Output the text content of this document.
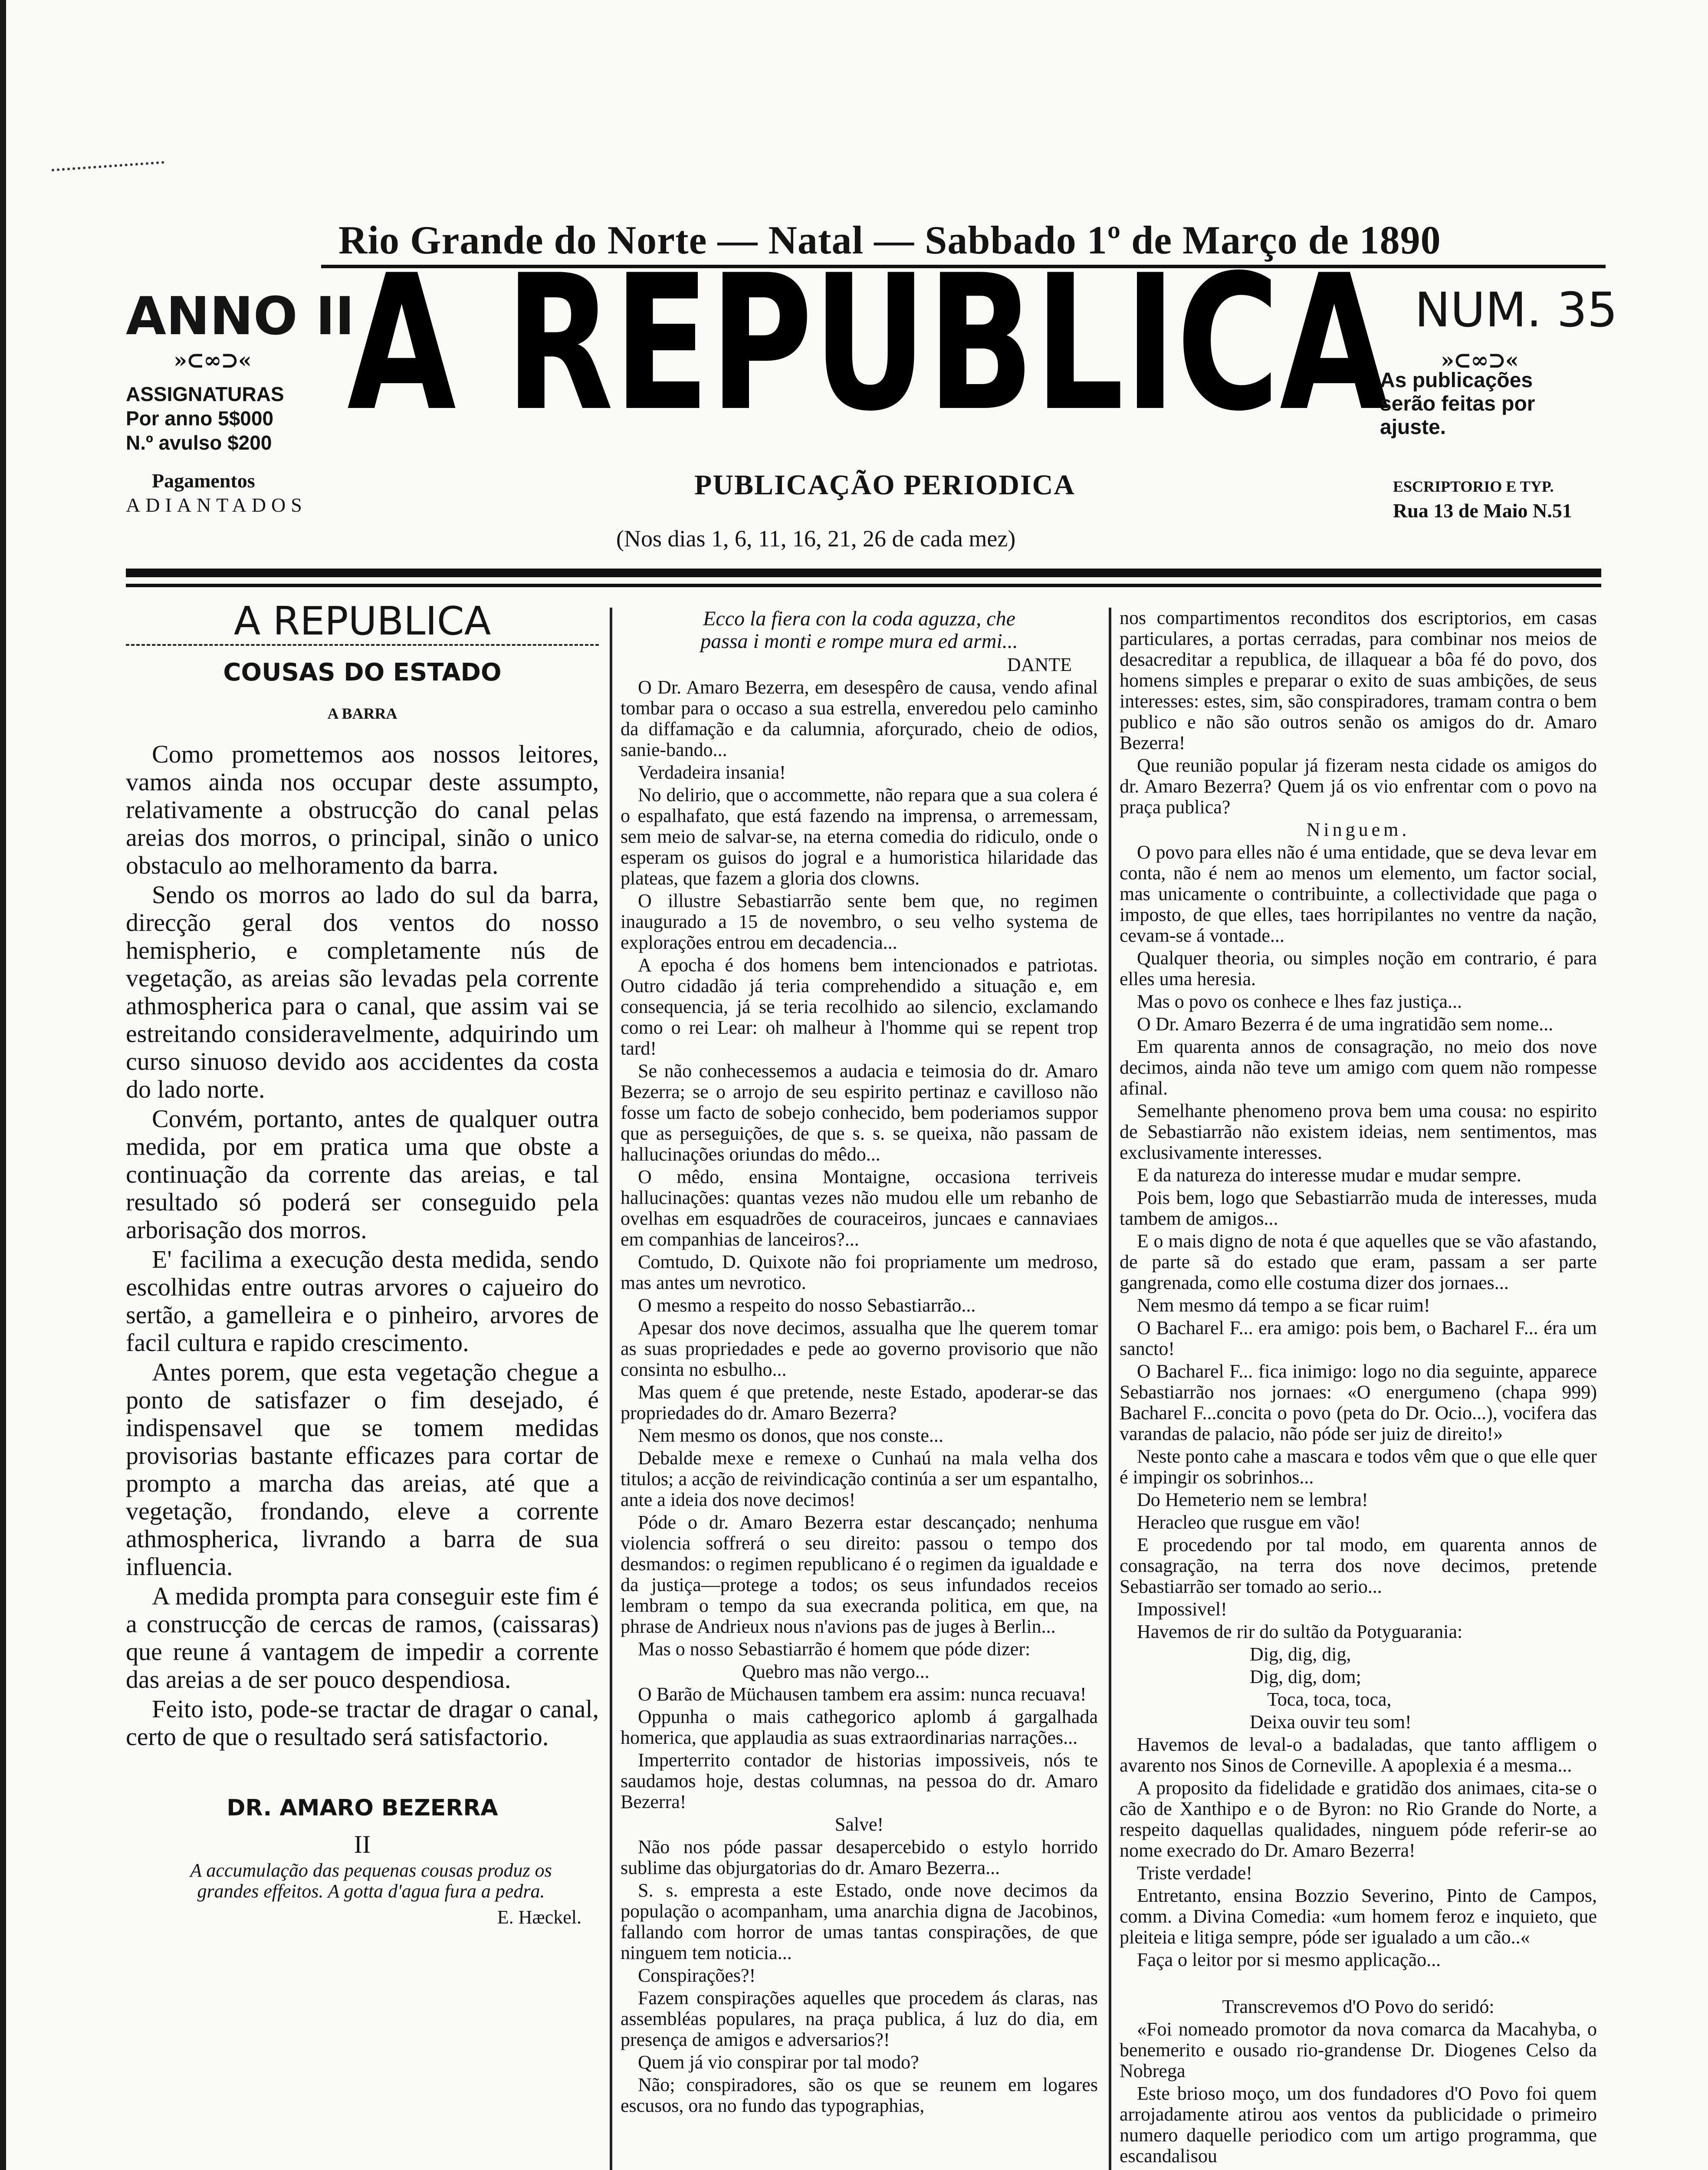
Rio Grande do Norte — Natal — Sabbado 1º de Março de 1890
ANNO II
»⊂∞⊃«
ASSIGNATURAS
Por anno 5$000
N.º avulso $200
Pagamentos
ADIANTADOS
A REPUBLICA NUM. 35
»⊂∞⊃«
As publicações serão feitas por ajuste.
ESCRIPTORIO E TYP.
Rua 13 de Maio N.51
PUBLICAÇÃO PERIODICA
(Nos dias 1, 6, 11, 16, 21, 26 de cada mez)

A REPUBLICA

COUSAS DO ESTADO

A BARRA

Como promettemos aos nossos leitores, vamos ainda nos occupar deste assumpto, relativamente a obstrucção do canal pelas areias dos morros, o principal, sinão o unico obstaculo ao melhoramento da barra.

Sendo os morros ao lado do sul da barra, direcção geral dos ventos do nosso hemispherio, e completamente nús de vegetação, as areias são levadas pela corrente athmospherica para o canal, que assim vai se estreitando consideravelmente, adquirindo um curso sinuoso devido aos accidentes da costa do lado norte.

Convém, portanto, antes de qualquer outra medida, por em pratica uma que obste a continuação da corrente das areias, e tal resultado só poderá ser conseguido pela arborisação dos morros.

E' facilima a execução desta medida, sendo escolhidas entre outras arvores o cajueiro do sertão, a gamelleira e o pinheiro, arvores de facil cultura e rapido crescimento.

Antes porem, que esta vegetação chegue a ponto de satisfazer o fim desejado, é indispensavel que se tomem medidas provisorias bastante efficazes para cortar de prompto a marcha das areias, até que a vegetação, frondando, eleve a corrente athmospherica, livrando a barra de sua influencia.

A medida prompta para conseguir este fim é a construcção de cercas de ramos, (caissaras) que reune á vantagem de impedir a corrente das areias a de ser pouco despendiosa.

Feito isto, pode-se tractar de dragar o canal, certo de que o resultado será satisfactorio.

DR. AMARO BEZERRA

II

A accumulação das pequenas cousas produz os grandes effeitos. A gotta d'agua fura a pedra.

E. Hæckel.

Ecco la fiera con la coda aguzza, che passa i monti e rompe mura ed armi...

DANTE

O Dr. Amaro Bezerra, em desespêro de causa, vendo afinal tombar para o occaso a sua estrella, enveredou pelo caminho da diffamação e da calumnia, aforçurado, cheio de odios, sanie-bando...

Verdadeira insania!

No delirio, que o accommette, não repara que a sua colera é o espalhafato, que está fazendo na imprensa, o arremessam, sem meio de salvar-se, na eterna comedia do ridiculo, onde o esperam os guisos do jogral e a humoristica hilaridade das plateas, que fazem a gloria dos clowns.

O illustre Sebastiarrão sente bem que, no regimen inaugurado a 15 de novembro, o seu velho systema de explorações entrou em decadencia...

A epocha é dos homens bem intencionados e patriotas. Outro cidadão já teria comprehendido a situação e, em consequencia, já se teria recolhido ao silencio, exclamando como o rei Lear: oh malheur à l'homme qui se repent trop tard!

Se não conhecessemos a audacia e teimosia do dr. Amaro Bezerra; se o arrojo de seu espirito pertinaz e cavilloso não fosse um facto de sobejo conhecido, bem poderiamos suppor que as perseguições, de que s. s. se queixa, não passam de hallucinações oriundas do mêdo...

O mêdo, ensina Montaigne, occasiona terriveis hallucinações: quantas vezes não mudou elle um rebanho de ovelhas em esquadrões de couraceiros, juncaes e cannaviaes em companhias de lanceiros?...

Comtudo, D. Quixote não foi propriamente um medroso, mas antes um nevrotico.

O mesmo a respeito do nosso Sebastiarrão...

Apesar dos nove decimos, assualha que lhe querem tomar as suas propriedades e pede ao governo provisorio que não consinta no esbulho...

Mas quem é que pretende, neste Estado, apoderar-se das propriedades do dr. Amaro Bezerra?

Nem mesmo os donos, que nos conste...

Debalde mexe e remexe o Cunhaú na mala velha dos titulos; a acção de reivindicação continúa a ser um espantalho, ante a ideia dos nove decimos!

Póde o dr. Amaro Bezerra estar descançado; nenhuma violencia soffrerá o seu direito: passou o tempo dos desmandos: o regimen republicano é o regimen da igualdade e da justiça—protege a todos; os seus infundados receios lembram o tempo da sua execranda politica, em que, na phrase de Andrieux nous n'avions pas de juges à Berlin...

Mas o nosso Sebastiarrão é homem que póde dizer:

Quebro mas não vergo...

O Barão de Müchausen tambem era assim: nunca recuava!

Oppunha o mais cathegorico aplomb á gargalhada homerica, que applaudia as suas extraordinarias narrações...

Imperterrito contador de historias impossiveis, nós te saudamos hoje, destas columnas, na pessoa do dr. Amaro Bezerra!

Salve!

Não nos póde passar desapercebido o estylo horrido sublime das objurgatorias do dr. Amaro Bezerra...

S. s. empresta a este Estado, onde nove decimos da população o acompanham, uma anarchia digna de Jacobinos, fallando com horror de umas tantas conspirações, de que ninguem tem noticia...

Conspirações?!

Fazem conspirações aquelles que procedem ás claras, nas assembléas populares, na praça publica, á luz do dia, em presença de amigos e adversarios?!

Quem já vio conspirar por tal modo?

Não; conspiradores, são os que se reunem em logares escusos, ora no fundo das typographias,

nos compartimentos reconditos dos escriptorios, em casas particulares, a portas cerradas, para combinar nos meios de desacreditar a republica, de illaquear a bôa fé do povo, dos homens simples e preparar o exito de suas ambições, de seus interesses: estes, sim, são conspiradores, tramam contra o bem publico e não são outros senão os amigos do dr. Amaro Bezerra!

Que reunião popular já fizeram nesta cidade os amigos do dr. Amaro Bezerra? Quem já os vio enfrentar com o povo na praça publica?

Ninguem.

O povo para elles não é uma entidade, que se deva levar em conta, não é nem ao menos um elemento, um factor social, mas unicamente o contribuinte, a collectividade que paga o imposto, de que elles, taes horripilantes no ventre da nação, cevam-se á vontade...

Qualquer theoria, ou simples noção em contrario, é para elles uma heresia.

Mas o povo os conhece e lhes faz justiça...

O Dr. Amaro Bezerra é de uma ingratidão sem nome...

Em quarenta annos de consagração, no meio dos nove decimos, ainda não teve um amigo com quem não rompesse afinal.

Semelhante phenomeno prova bem uma cousa: no espirito de Sebastiarrão não existem ideias, nem sentimentos, mas exclusivamente interesses.

E da natureza do interesse mudar e mudar sempre.

Pois bem, logo que Sebastiarrão muda de interesses, muda tambem de amigos...

E o mais digno de nota é que aquelles que se vão afastando, de parte sã do estado que eram, passam a ser parte gangrenada, como elle costuma dizer dos jornaes...

Nem mesmo dá tempo a se ficar ruim!

O Bacharel F... era amigo: pois bem, o Bacharel F... éra um sancto!

O Bacharel F... fica inimigo: logo no dia seguinte, apparece Sebastiarrão nos jornaes: «O energumeno (chapa 999) Bacharel F...concita o povo (peta do Dr. Ocio...), vocifera das varandas de palacio, não póde ser juiz de direito!»

Neste ponto cahe a mascara e todos vêm que o que elle quer é impingir os sobrinhos...

Do Hemeterio nem se lembra!

Heracleo que rusgue em vão!

E procedendo por tal modo, em quarenta annos de consagração, na terra dos nove decimos, pretende Sebastiarrão ser tomado ao serio...

Impossivel!

Havemos de rir do sultão da Potyguarania:

Dig, dig, dig,

Dig, dig, dom;

Toca, toca, toca,

Deixa ouvir teu som!

Havemos de leval-o a badaladas, que tanto affligem o avarento nos Sinos de Corneville. A apoplexia é a mesma...

A proposito da fidelidade e gratidão dos animaes, cita-se o cão de Xanthipo e o de Byron: no Rio Grande do Norte, a respeito daquellas qualidades, ninguem póde referir-se ao nome execrado do Dr. Amaro Bezerra!

Triste verdade!

Entretanto, ensina Bozzio Severino, Pinto de Campos, comm. a Divina Comedia: «um homem feroz e inquieto, que pleiteia e litiga sempre, póde ser igualado a um cão..«

Faça o leitor por si mesmo applicação...

Transcrevemos d'O Povo do seridó:

«Foi nomeado promotor da nova comarca da Macahyba, o benemerito e ousado rio-grandense Dr. Diogenes Celso da Nobrega

Este brioso moço, um dos fundadores d'O Povo foi quem arrojadamente atirou aos ventos da publicidade o primeiro numero daquelle periodico com um artigo programma, que escandalisou
